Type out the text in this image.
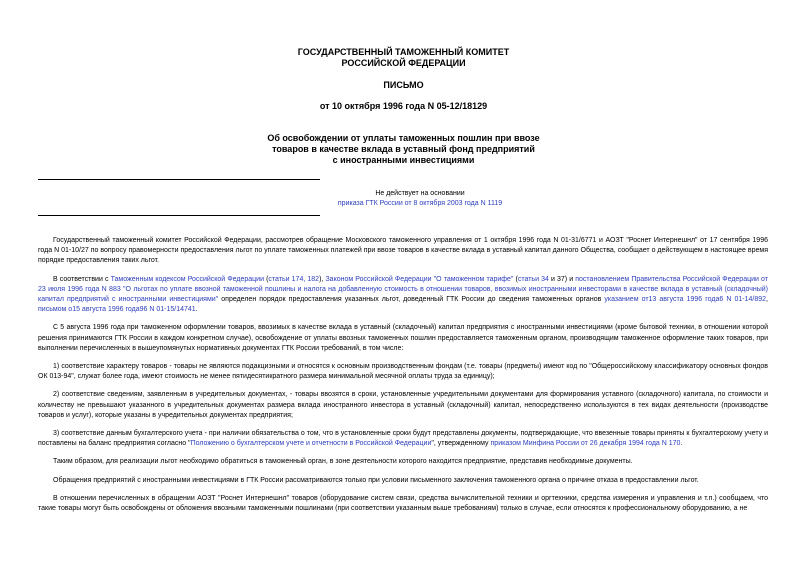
ГОСУДАРСТВЕННЫЙ ТАМОЖЕННЫЙ КОМИТЕТ
РОССИЙСКОЙ ФЕДЕРАЦИИ
ПИСЬМО
от 10 октября 1996 года N 05-12/18129
Об освобождении от уплаты таможенных пошлин при ввозе
товаров в качестве вклада в уставный фонд предприятий
с иностранными инвестициями
Не действует на основании
приказа ГТК России от 8 октября 2003 года N 1119

Государственный таможенный комитет Российской Федерации, рассмотрев обращение Московского таможенного управления от 1 октября 1996 года N 01-31/6771 и АОЗТ "Роснет Интернешнл" от 17 сентября 1996 года N 01-10/27 по вопросу правомерности предоставления льгот по уплате таможенных платежей при ввозе товаров в качестве вклада в уставный капитал данного Общества, сообщает о действующем в настоящее время порядке предоставления таких льгот.

В соответствии с Таможенным кодексом Российской Федерации (статьи 174, 182), Законом Российской Федерации "О таможенном тарифе" (статьи 34 и 37) и постановлением Правительства Российской Федерации от 23 июля 1996 года N 883 "О льготах по уплате ввозной таможенной пошлины и налога на добавленную стоимость в отношении товаров, ввозимых иностранными инвесторами в качестве вклада в уставный (складочный) капитал предприятий с иностранными инвестициями" определен порядок предоставления указанных льгот, доведенный ГТК России до сведения таможенных органов указанием от13 августа 1996 года6 N 01-14/892, письмом о15 августа 1996 года96 N 01-15/14741.

С 5 августа 1996 года при таможенном оформлении товаров, ввозимых в качестве вклада в уставный (складочный) капитал предприятия с иностранными инвестициями (кроме бытовой техники, в отношении которой решения принимаются ГТК России в каждом конкретном случае), освобождение от уплаты ввозных таможенных пошлин предоставляется таможенным органом, производящим таможенное оформление таких товаров, при выполнении перечисленных в вышеупомянутых нормативных документах ГТК России требований, в том числе:

1) соответствие характеру товаров - товары не являются подакцизными и относятся к основным производственным фондам (т.е. товары (предметы) имеют код по "Общероссийскому классификатору основных фондов ОК 013-94", служат более года, имеют стоимость не менее пятидесятикратного размера минимальной месячной оплаты труда за единицу);

2) соответствие сведениям, заявленным в учредительных документах, - товары ввозятся в сроки, установленные учредительными документами для формирования уставного (складочного) капитала, по стоимости и количеству не превышают указанного в учредительных документах размера вклада иностранного инвестора в уставный (складочный) капитал, непосредственно используются в тех видах деятельности (производстве товаров и услуг), которые указаны в учредительных документах предприятия;

3) соответствие данным бухгалтерского учета - при наличии обязательства о том, что в установленные сроки будут представлены документы, подтверждающие, что ввезенные товары приняты к бухгалтерскому учету и поставлены на баланс предприятия согласно "Положению о бухгалтерском учете и отчетности в Российской Федерации", утвержденному приказом Минфина России от 26 декабря 1994 года N 170.

Таким образом, для реализации льгот необходимо обратиться в таможенный орган, в зоне деятельности которого находится предприятие, представив необходимые документы.

Обращения предприятий с иностранными инвестициями в ГТК России рассматриваются только при условии письменного заключения таможенного органа о причине отказа в предоставлении льгот.

В отношении перечисленных в обращении АОЗТ "Роснет Интернешнл" товаров (оборудование систем связи, средства вычислительной техники и оргтехники, средства измерения и управления и т.п.) сообщаем, что такие товары могут быть освобождены от обложения ввозными таможенными пошлинами (при соответствии указанным выше требованиям) только в случае, если относятся к профессиональному оборудованию, а не
